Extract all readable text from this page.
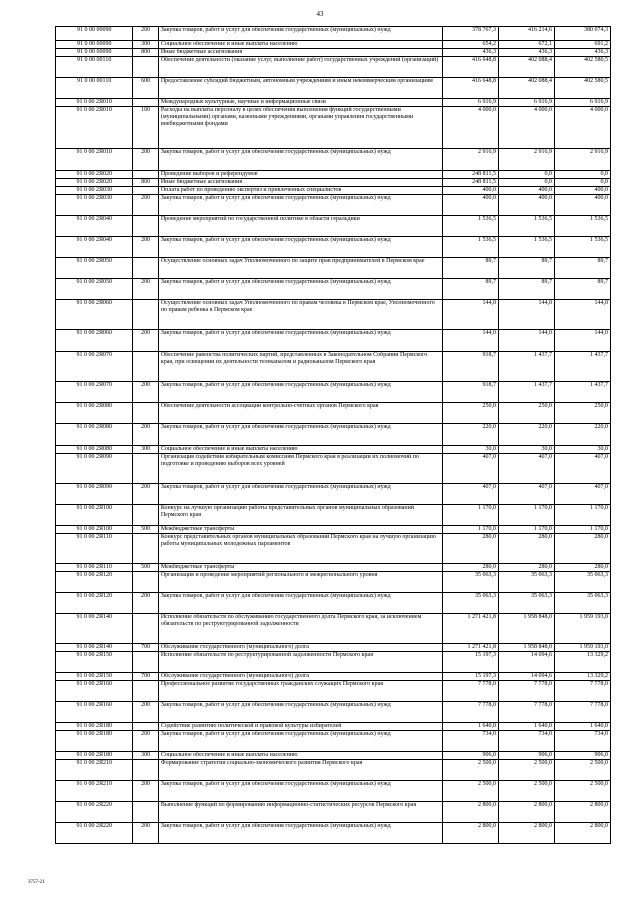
43
91 0 00 00090	200	Закупка товаров, работ и услуг для обеспечения государственных (муниципальных) нужд	378 767,3	416 214,6	380 074,3
91 0 00 00090	300	Социальное обеспечение и иные выплаты населению	654,2	672,1	691,2
91 0 00 00090	800	Иные бюджетные ассигнования	436,3	436,3	436,3
91 0 00 00110		Обеспечение деятельности (оказание услуг, выполнение работ) государственных учреждений (организаций)	416 648,8	402 088,4	402 580,5
91 0 00 00110	600	Предоставление субсидий бюджетным, автономным учреждениям и иным некоммерческим организациям	416 648,8	402 088,4	402 580,5
91 0 00 2Я010		Международные культурные, научные и информационные связи	6 916,9	6 916,9	6 916,9
91 0 00 2Я010	100	Расходы на выплаты персоналу в целях обеспечения выполнения функций государственными (муниципальными) органами, казенными учреждениями, органами управления государственными внебюджетными фондами	4 000,0	4 000,0	4 000,0
91 0 00 2Я010	200	Закупка товаров, работ и услуг для обеспечения государственных (муниципальных) нужд	2 916,9	2 916,9	2 916,9
91 0 00 2Я020		Проведение выборов и референдумов	248 811,5	0,0	0,0
91 0 00 2Я020	800	Иные бюджетные ассигнования	248 811,5	0,0	0,0
91 0 00 2Я030		Оплата работ по проведению экспертиз и привлеченных специалистов	400,0	400,0	400,0
91 0 00 2Я030	200	Закупка товаров, работ и услуг для обеспечения государственных (муниципальных) нужд	400,0	400,0	400,0
91 0 00 2Я040		Проведение мероприятий по государственной политике в области геральдики	1 536,5	1 536,5	1 536,5
91 0 00 2Я040	200	Закупка товаров, работ и услуг для обеспечения государственных (муниципальных) нужд	1 536,5	1 536,5	1 536,5
91 0 00 2Я050		Осуществление основных задач Уполномоченного по защите прав предпринимателей в Пермском крае	89,7	89,7	89,7
91 0 00 2Я050	200	Закупка товаров, работ и услуг для обеспечения государственных (муниципальных) нужд	89,7	89,7	89,7
91 0 00 2Я060		Осуществление основных задач Уполномоченного по правам человека в Пермском крае, Уполномоченного по правам ребенка в Пермском крае	144,0	144,0	144,0
91 0 00 2Я060	200	Закупка товаров, работ и услуг для обеспечения государственных (муниципальных) нужд	144,0	144,0	144,0
91 0 00 2Я070		Обеспечение равенства политических партий, представленных в Законодательном Собрании Пермского края, при освещении их деятельности телеканалом и радиоканалом Пермского края	918,7	1 437,7	1 437,7
91 0 00 2Я070	200	Закупка товаров, работ и услуг для обеспечения государственных (муниципальных) нужд	918,7	1 437,7	1 437,7
91 0 00 2Я080		Обеспечение деятельности ассоциации контрольно-счетных органов Пермского края	250,0	250,0	250,0
91 0 00 2Я080	200	Закупка товаров, работ и услуг для обеспечения государственных (муниципальных) нужд	220,0	220,0	220,0
91 0 00 2Я080	300	Социальное обеспечение и иные выплаты населению	30,0	30,0	30,0
91 0 00 2Я090		Организация содействия избирательным комиссиям Пермского края в реализации их полномочий по подготовке и проведению выборов всех уровней	407,0	407,0	407,0
91 0 00 2Я090	200	Закупка товаров, работ и услуг для обеспечения государственных (муниципальных) нужд	407,0	407,0	407,0
91 0 00 2Я100		Конкурс на лучшую организацию работы представительных органов муниципальных образований Пермского края	1 170,0	1 170,0	1 170,0
91 0 00 2Я100	500	Межбюджетные трансферты	1 170,0	1 170,0	1 170,0
91 0 00 2Я110		Конкурс представительных органов муниципальных образований Пермского края на лучшую организацию работы муниципальных молодежных парламентов	280,0	280,0	280,0
91 0 00 2Я110	500	Межбюджетные трансферты	280,0	280,0	280,0
91 0 00 2Я120		Организация и проведение мероприятий регионального и межрегионального уровня	35 063,3	35 063,3	35 063,3
91 0 00 2Я120	200	Закупка товаров, работ и услуг для обеспечения государственных (муниципальных) нужд	35 063,3	35 063,3	35 063,3
91 0 00 2Я140		Исполнение обязательств по обслуживанию государственного долга Пермского края, за исключением обязательств по реструктурированной задолженности	1 271 421,8	1 958 848,0	1 959 193,0
91 0 00 2Я140	700	Обслуживание государственного (муниципального) долга	1 271 421,8	1 958 848,0	1 959 193,0
91 0 00 2Я150		Исполнение обязательств по реструктурированной задолженности Пермского края	15 197,3	14 094,6	13 329,2
91 0 00 2Я150	700	Обслуживание государственного (муниципального) долга	15 197,3	14 094,6	13 329,2
91 0 00 2Я160		Профессиональное развитие государственных гражданских служащих Пермского края	7 778,0	7 778,0	7 778,0
91 0 00 2Я160	200	Закупка товаров, работ и услуг для обеспечения государственных (муниципальных) нужд	7 778,0	7 778,0	7 778,0
91 0 00 2Я180		Содействие развитию политической и правовой культуры избирателей	1 640,0	1 640,0	1 640,0
91 0 00 2Я180	200	Закупка товаров, работ и услуг для обеспечения государственных (муниципальных) нужд	734,0	734,0	734,0
91 0 00 2Я180	300	Социальное обеспечение и иные выплаты населению	906,0	906,0	906,0
91 0 00 2Я210		Формирование стратегии социально-экономического развития Пермского края	2 500,0	2 500,0	2 500,0
91 0 00 2Я210	200	Закупка товаров, работ и услуг для обеспечения государственных (муниципальных) нужд	2 500,0	2 500,0	2 500,0
91 0 00 2Я220		Выполнение функций по формированию информационно-статистических ресурсов Пермского края	2 800,0	2 800,0	2 800,0
91 0 00 2Я220	200	Закупка товаров, работ и услуг для обеспечения государственных (муниципальных) нужд	2 800,0	2 800,0	2 800,0
3757-21
